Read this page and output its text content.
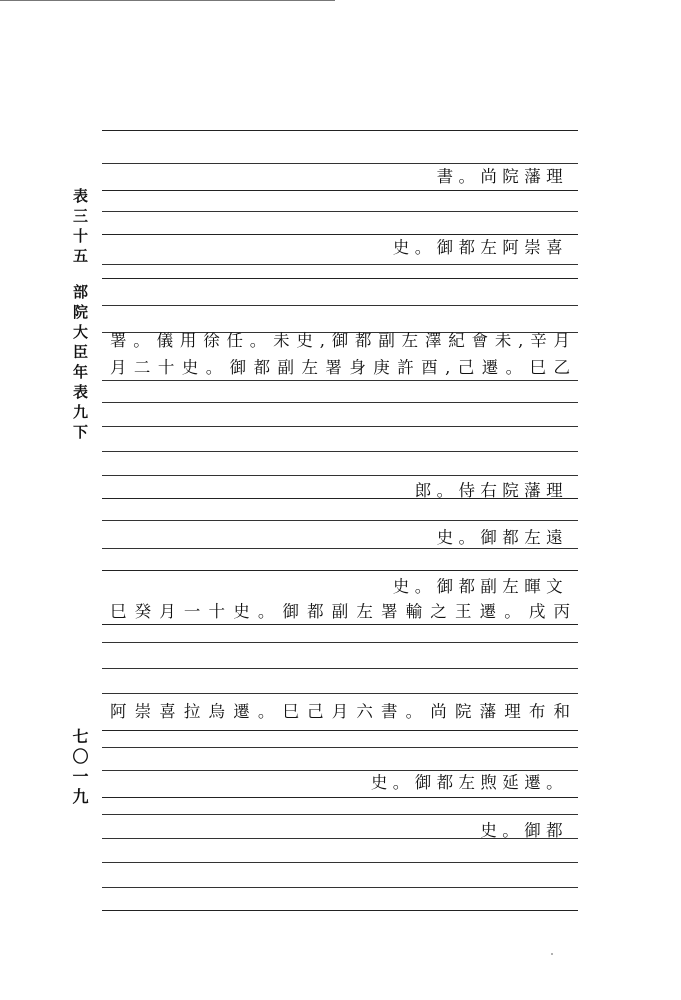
表三十五
部院大臣年表九下
七〇一九
書。尚院藩理
史。御都左阿崇喜
署。儀用徐任。未史,御都副左澤紀會未,辛月
月二十史。御都副左署身庚許酉,己遷。巳乙
郎。侍右院藩理
史。御都左遠
史。御都副左暉文
巳癸月一十史。御都副左署輸之王遷。戌丙
阿崇喜拉烏遷。巳己月六書。尚院藩理布和
史。御都左煦延遷。
史。御都
